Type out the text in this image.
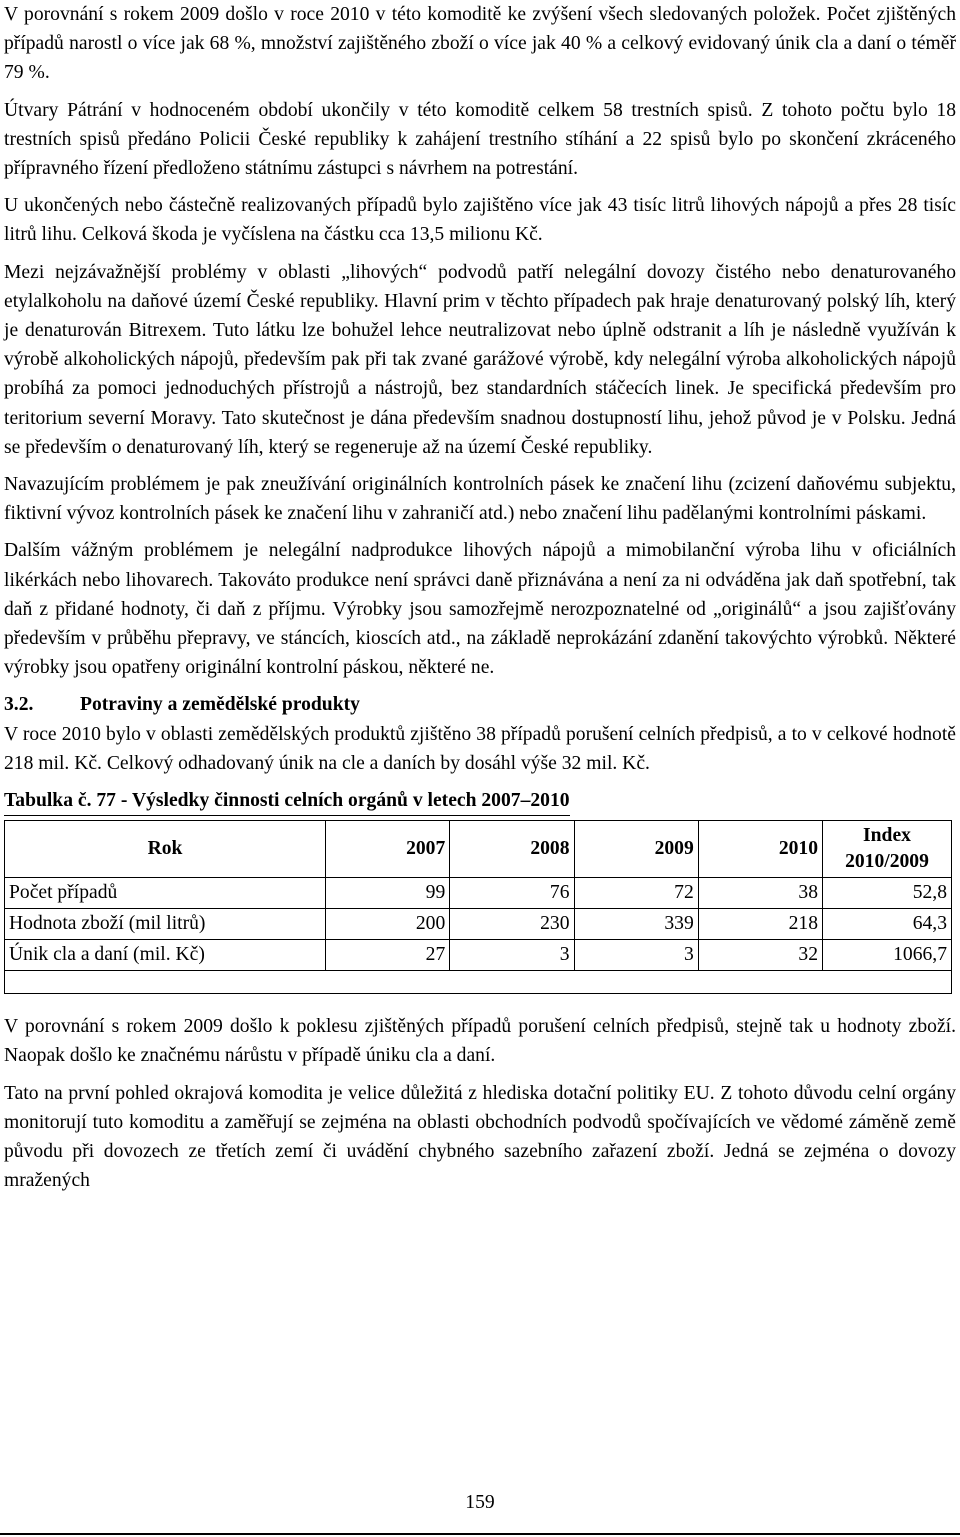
V porovnání s rokem 2009 došlo v roce 2010 v této komoditě ke zvýšení všech sledovaných položek. Počet zjištěných případů narostl o více jak 68 %, množství zajištěného zboží o více jak 40 % a celkový evidovaný únik cla a daní o téměř 79 %.

Útvary Pátrání v hodnoceném období ukončily v této komoditě celkem 58 trestních spisů. Z tohoto počtu bylo 18 trestních spisů předáno Policii České republiky k zahájení trestního stíhání a 22 spisů bylo po skončení zkráceného přípravného řízení předloženo státnímu zástupci s návrhem na potrestání.

U ukončených nebo částečně realizovaných případů bylo zajištěno více jak 43 tisíc litrů lihových nápojů a přes 28 tisíc litrů lihu. Celková škoda je vyčíslena na částku cca 13,5 milionu Kč.

Mezi nejzávažnější problémy v oblasti „lihových“ podvodů patří nelegální dovozy čistého nebo denaturovaného etylalkoholu na daňové území České republiky. Hlavní prim v těchto případech pak hraje denaturovaný polský líh, který je denaturován Bitrexem. Tuto látku lze bohužel lehce neutralizovat nebo úplně odstranit a líh je následně využíván k výrobě alkoholických nápojů, především pak při tak zvané garážové výrobě, kdy nelegální výroba alkoholických nápojů probíhá za pomoci jednoduchých přístrojů a nástrojů, bez standardních stáčecích linek. Je specifická především pro teritorium severní Moravy. Tato skutečnost je dána především snadnou dostupností lihu, jehož původ je v Polsku. Jedná se především o denaturovaný líh, který se regeneruje až na území České republiky.

Navazujícím problémem je pak zneužívání originálních kontrolních pásek ke značení lihu (zcizení daňovému subjektu, fiktivní vývoz kontrolních pásek ke značení lihu v zahraničí atd.) nebo značení lihu padělanými kontrolními páskami.

Dalším vážným problémem je nelegální nadprodukce lihových nápojů a mimobilanční výroba lihu v oficiálních likérkách nebo lihovarech. Takováto produkce není správci daně přiznávána a není za ni odváděna jak daň spotřební, tak daň z přidané hodnoty, či daň z příjmu. Výrobky jsou samozřejmě nerozpoznatelné od „originálů“ a jsou zajišťovány především v průběhu přepravy, ve stáncích, kioscích atd., na základě neprokázání zdanění takovýchto výrobků. Některé výrobky jsou opatřeny originální kontrolní páskou, některé ne.

3.2.	Potraviny a zemědělské produkty

V roce 2010 bylo v oblasti zemědělských produktů zjištěno 38 případů porušení celních předpisů, a to v celkové hodnotě 218 mil. Kč. Celkový odhadovaný únik na cle a daních by dosáhl výše 32 mil. Kč.

Tabulka č. 77 - Výsledky činnosti celních orgánů v letech 2007–2010
Rok	2007	2008	2009	2010	Index
2010/2009
Počet případů	99	76	72	38	52,8
Hodnota zboží (mil litrů)	200	230	339	218	64,3
Únik cla a daní (mil. Kč)	27	3	3	32	1066,7

V porovnání s rokem 2009 došlo k poklesu zjištěných případů porušení celních předpisů, stejně tak u hodnoty zboží. Naopak došlo ke značnému nárůstu v případě úniku cla a daní.

Tato na první pohled okrajová komodita je velice důležitá z hlediska dotační politiky EU. Z tohoto důvodu celní orgány monitorují tuto komoditu a zaměřují se zejména na oblasti obchodních podvodů spočívajících ve vědomé záměně země původu při dovozech ze třetích zemí či uvádění chybného sazebního zařazení zboží. Jedná se zejména o dovozy mražených

159
